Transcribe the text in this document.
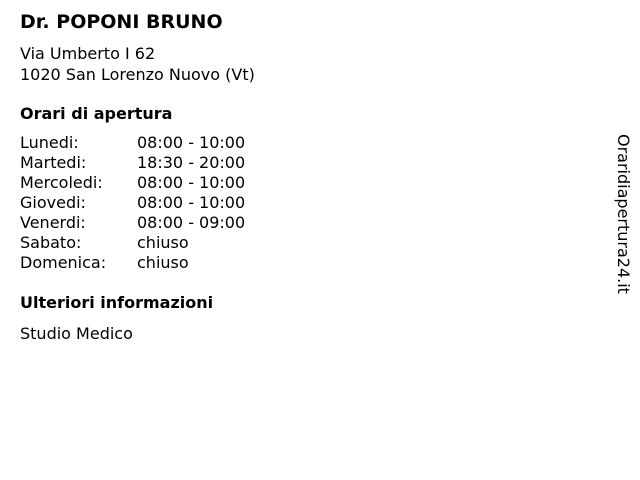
Dr. POPONI BRUNO
Via Umberto I 62
1020 San Lorenzo Nuovo (Vt)
Orari di apertura
Lunedi:	08:00 - 10:00
Martedi:	18:30 - 20:00
Mercoledi:	08:00 - 10:00
Giovedi:	08:00 - 10:00
Venerdi:	08:00 - 09:00
Sabato:	chiuso
Domenica:	chiuso
Ulteriori informazioni
Studio Medico
Oraridiapertura24.it
